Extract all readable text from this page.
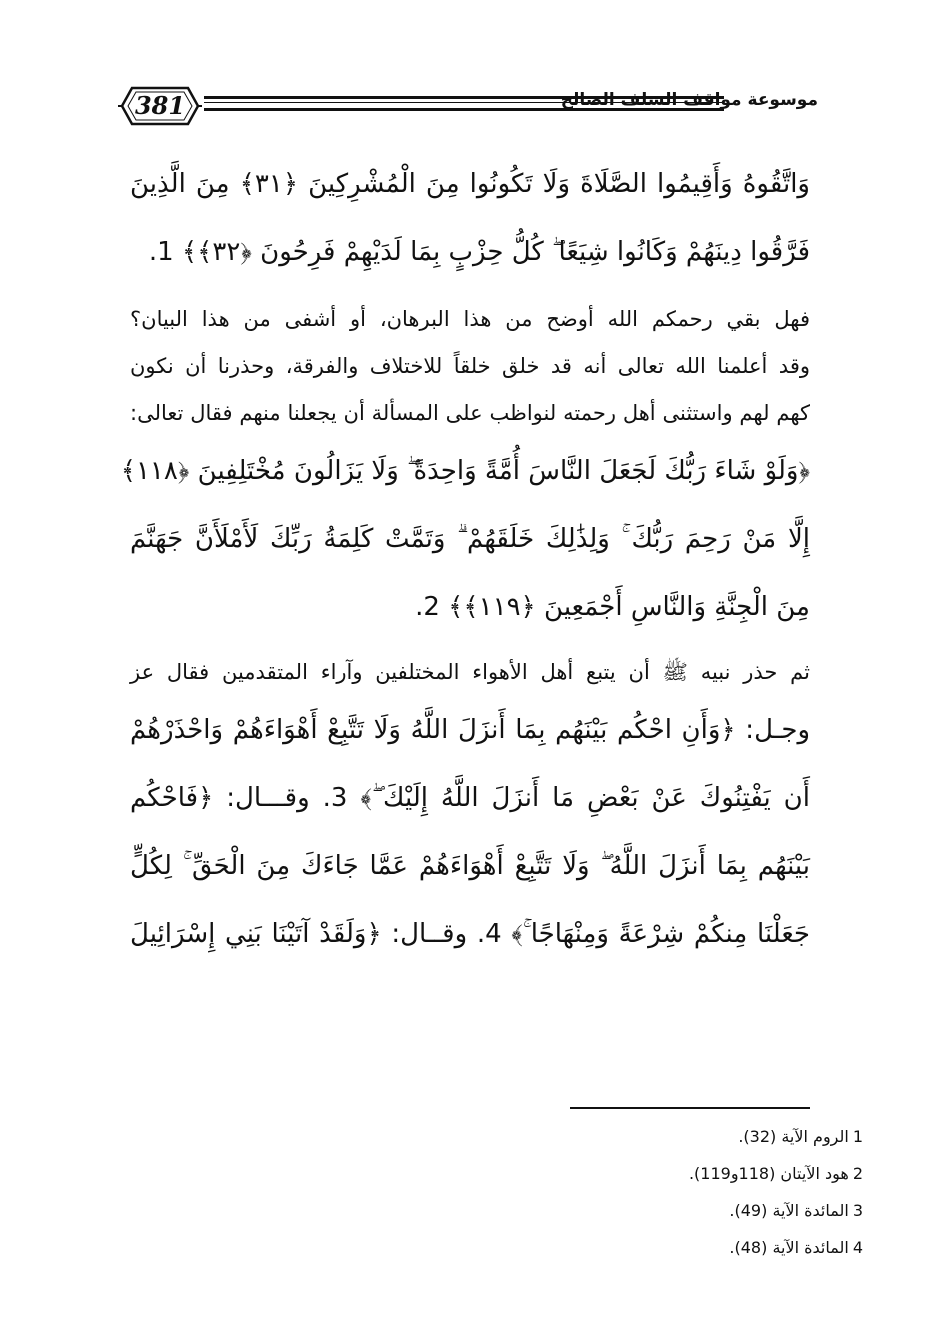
381	موسوعة مواقف السلف الصالح
وَاتَّقُوهُ وَأَقِيمُوا الصَّلَاةَ وَلَا تَكُونُوا مِنَ الْمُشْرِكِينَ ﴿٣١﴾ مِنَ الَّذِينَ
فَرَّقُوا دِينَهُمْ وَكَانُوا شِيَعًا ۖ كُلُّ حِزْبٍ بِمَا لَدَيْهِمْ فَرِحُونَ ﴿٣٢﴾﴾ 1.
فهل بقي رحمكم الله أوضح من هذا البرهان، أو أشفى من هذا البيان؟
وقد أعلمنا الله تعالى أنه قد خلق خلقاً للاختلاف والفرقة، وحذرنا أن نكون
كهم لهم واستثنى أهل رحمته لنواظب على المسألة أن يجعلنا منهم فقال تعالى:
﴿وَلَوْ شَاءَ رَبُّكَ لَجَعَلَ النَّاسَ أُمَّةً وَاحِدَةً ۖ وَلَا يَزَالُونَ مُخْتَلِفِينَ ﴿١١٨﴾
إِلَّا مَنْ رَحِمَ رَبُّكَ ۚ وَلِذَٰلِكَ خَلَقَهُمْ ۗ وَتَمَّتْ كَلِمَةُ رَبِّكَ لَأَمْلَأَنَّ جَهَنَّمَ
مِنَ الْجِنَّةِ وَالنَّاسِ أَجْمَعِينَ ﴿١١٩﴾﴾ 2.
ثم حذر نبيه ﷺ أن يتبع أهل الأهواء المختلفين وآراء المتقدمين فقال عز
وجـل: ﴿وَأَنِ احْكُم بَيْنَهُم بِمَا أَنزَلَ اللَّهُ وَلَا تَتَّبِعْ أَهْوَاءَهُمْ وَاحْذَرْهُمْ
أَن يَفْتِنُوكَ عَنْ بَعْضِ مَا أَنزَلَ اللَّهُ إِلَيْكَ ۖ﴾ 3. وقـــال: ﴿فَاحْكُم
بَيْنَهُم بِمَا أَنزَلَ اللَّهُ ۖ وَلَا تَتَّبِعْ أَهْوَاءَهُمْ عَمَّا جَاءَكَ مِنَ الْحَقِّ ۚ لِكُلٍّ
جَعَلْنَا مِنكُمْ شِرْعَةً وَمِنْهَاجًا ۚ﴾ 4. وقــال: ﴿وَلَقَدْ آتَيْنَا بَنِي إِسْرَائِيلَ
1الروم الآية (32).
2هود الآيتان (118و119).
3المائدة الآية (49).
4المائدة الآية (48).
